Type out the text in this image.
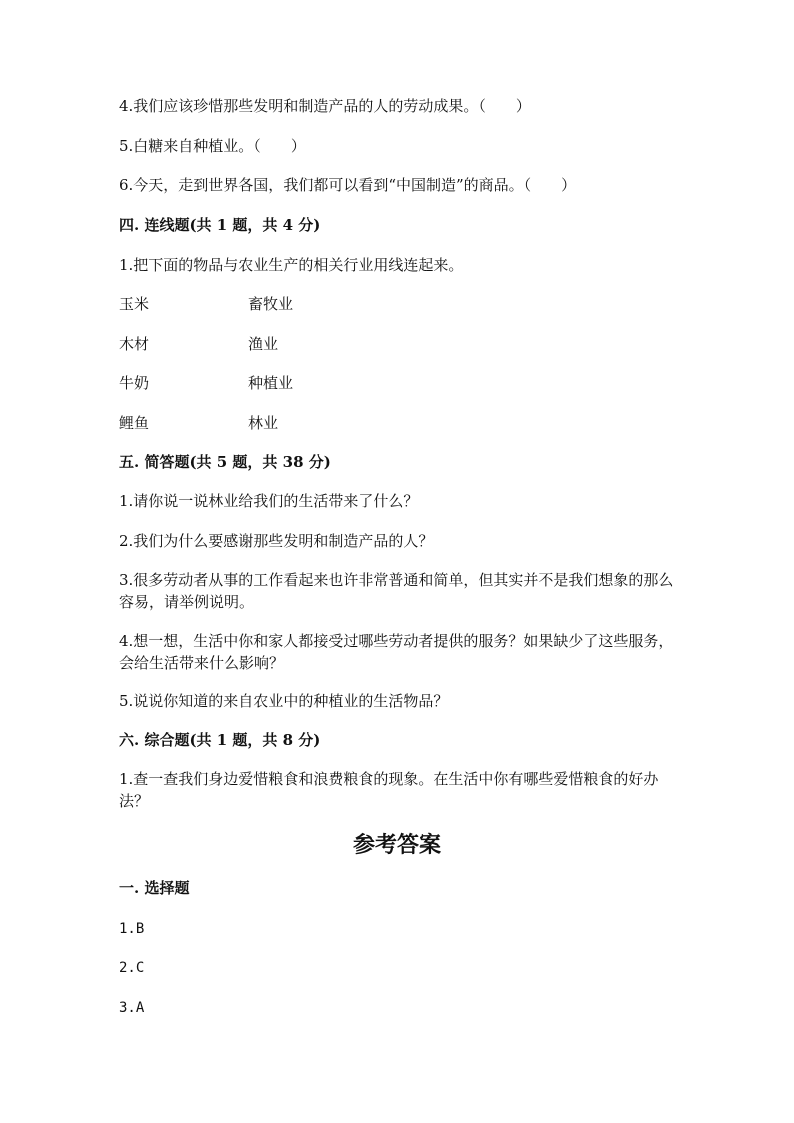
4.我们应该珍惜那些发明和制造产品的人的劳动成果。（　　）
5.白糖来自种植业。（　　）
6.今天，走到世界各国，我们都可以看到“中国制造”的商品。（　　）
四. 连线题(共 1 题，共 4 分)
1.把下面的物品与农业生产的相关行业用线连起来。
玉米	畜牧业
木材	渔业
牛奶	种植业
鲤鱼	林业
五. 简答题(共 5 题，共 38 分)
1.请你说一说林业给我们的生活带来了什么？
2.我们为什么要感谢那些发明和制造产品的人？
3.很多劳动者从事的工作看起来也许非常普通和简单，但其实并不是我们想象的那么容易，请举例说明。
4.想一想，生活中你和家人都接受过哪些劳动者提供的服务？如果缺少了这些服务，会给生活带来什么影响？
5.说说你知道的来自农业中的种植业的生活物品？
六. 综合题(共 1 题，共 8 分)
1.查一查我们身边爱惜粮食和浪费粮食的现象。在生活中你有哪些爱惜粮食的好办法？
参考答案
一. 选择题
1.B
2.C
3.A
